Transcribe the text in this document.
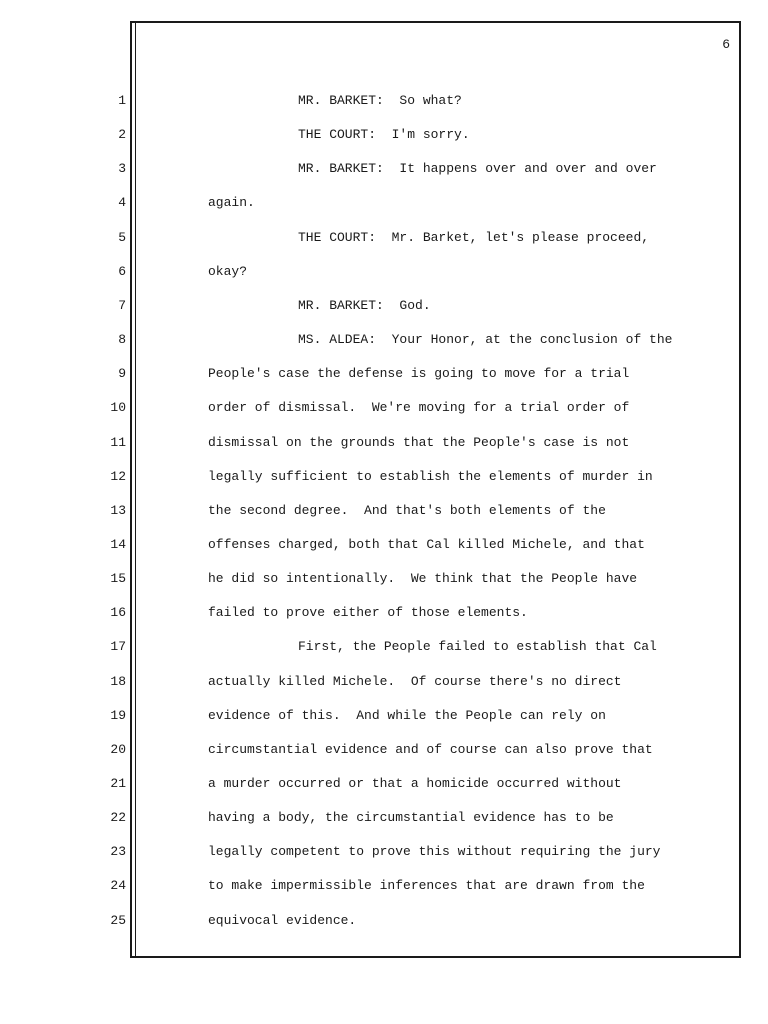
6
1
2
3
4
5
6
7
8
9
10
11
12
13
14
15
16
17
18
19
20
21
22
23
24
25
MR. BARKET:  So what?
THE COURT:  I'm sorry.
MR. BARKET:  It happens over and over and over
again.
THE COURT:  Mr. Barket, let's please proceed,
okay?
MR. BARKET:  God.
MS. ALDEA:  Your Honor, at the conclusion of the
People's case the defense is going to move for a trial
order of dismissal.  We're moving for a trial order of
dismissal on the grounds that the People's case is not
legally sufficient to establish the elements of murder in
the second degree.  And that's both elements of the
offenses charged, both that Cal killed Michele, and that
he did so intentionally.  We think that the People have
failed to prove either of those elements.
First, the People failed to establish that Cal
actually killed Michele.  Of course there's no direct
evidence of this.  And while the People can rely on
circumstantial evidence and of course can also prove that
a murder occurred or that a homicide occurred without
having a body, the circumstantial evidence has to be
legally competent to prove this without requiring the jury
to make impermissible inferences that are drawn from the
equivocal evidence.
